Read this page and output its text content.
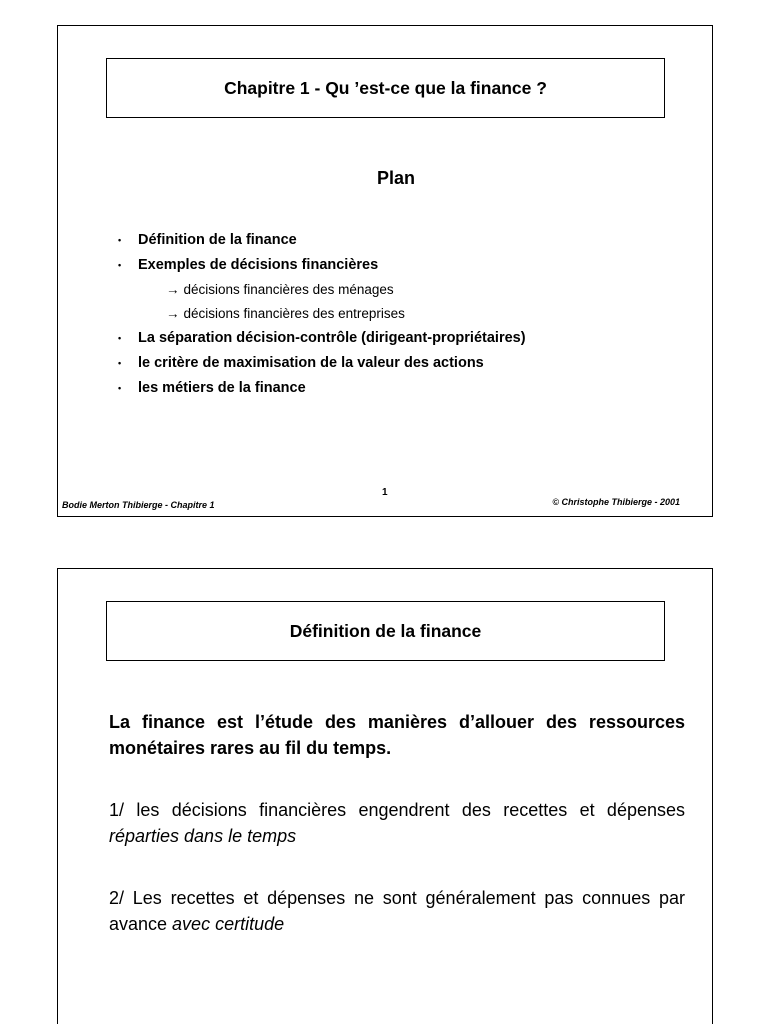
Chapitre 1 - Qu ’est-ce que la finance ?
Plan
• Définition de la finance
• Exemples de décisions financières
→ décisions financières des ménages
→ décisions financières des entreprises
• La séparation décision-contrôle (dirigeant-propriétaires)
• le critère de maximisation de la valeur des actions
• les métiers de la finance
Bodie Merton Thibierge - Chapitre 1
1
© Christophe Thibierge - 2001
Définition de la finance

La finance est l’étude des manières d’allouer des ressources monétaires rares au fil du temps.

1/ les décisions financières engendrent des recettes et dépenses réparties dans le temps

2/ Les recettes et dépenses ne sont généralement pas connues par avance avec certitude
